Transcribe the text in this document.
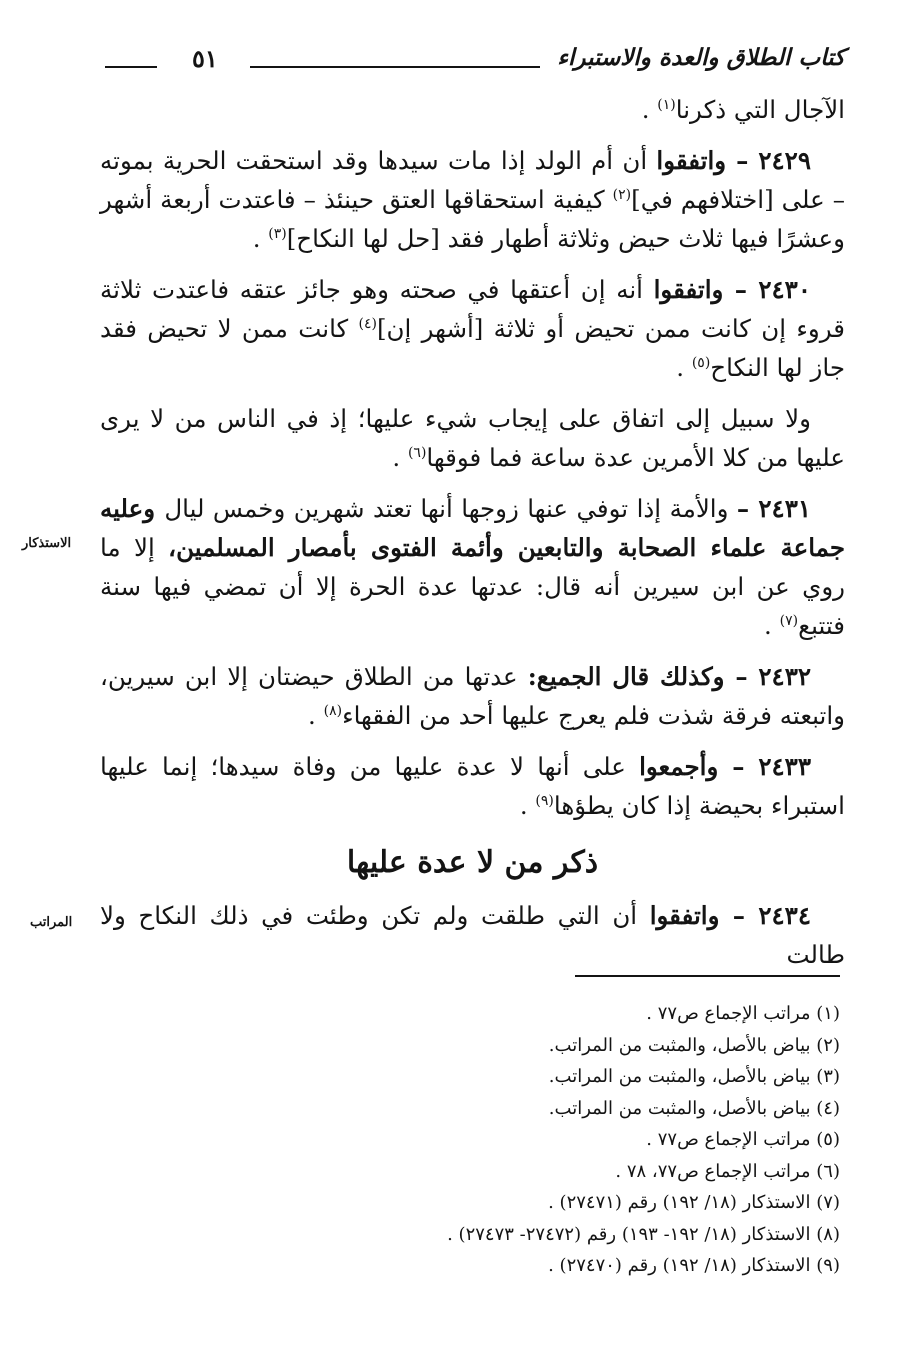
كتاب الطلاق والعدة والاستبراء
٥١

الآجال التي ذكرنا$^{(١)}$ .

٢٤٢٩ – واتفقوا أن أم الولد إذا مات سيدها وقد استحقت الحرية بموته – على [اختلافهم في]$^{(٢)}$ كيفية استحقاقها العتق حينئذ – فاعتدت أربعة أشهر وعشرًا فيها ثلاث حيض وثلاثة أطهار فقد [حل لها النكاح]$^{(٣)}$ .

٢٤٣٠ – واتفقوا أنه إن أعتقها في صحته وهو جائز عتقه فاعتدت ثلاثة قروء إن كانت ممن تحيض أو ثلاثة [أشهر إن]$^{(٤)}$ كانت ممن لا تحيض فقد جاز لها النكاح$^{(٥)}$ .

ولا سبيل إلى اتفاق على إيجاب شيء عليها؛ إذ في الناس من لا يرى عليها من كلا الأمرين عدة ساعة فما فوقها$^{(٦)}$ .

٢٤٣١ – والأمة إذا توفي عنها زوجها أنها تعتد شهرين وخمس ليال وعليه جماعة علماء الصحابة والتابعين وأئمة الفتوى بأمصار المسلمين، إلا ما روي عن ابن سيرين أنه قال: عدتها عدة الحرة إلا أن تمضي فيها سنة فتتبع$^{(٧)}$ .

٢٤٣٢ – وكذلك قال الجميع: عدتها من الطلاق حيضتان إلا ابن سيرين، واتبعته فرقة شذت فلم يعرج عليها أحد من الفقهاء$^{(٨)}$ .

٢٤٣٣ – وأجمعوا على أنها لا عدة عليها من وفاة سيدها؛ إنما عليها استبراء بحيضة إذا كان يطؤها$^{(٩)}$ .

ذكر من لا عدة عليها

٢٤٣٤ – واتفقوا أن التي طلقت ولم تكن وطئت في ذلك النكاح ولا طالت

الاستذكار
المراتب
(١) مراتب الإجماع ص٧٧ .
(٢) بياض بالأصل، والمثبت من المراتب.
(٣) بياض بالأصل، والمثبت من المراتب.
(٤) بياض بالأصل، والمثبت من المراتب.
(٥) مراتب الإجماع ص٧٧ .
(٦) مراتب الإجماع ص٧٧، ٧٨ .
(٧) الاستذكار (١٨/ ١٩٢) رقم (٢٧٤٧١) .
(٨) الاستذكار (١٨/ ١٩٢- ١٩٣) رقم (٢٧٤٧٢- ٢٧٤٧٣) .
(٩) الاستذكار (١٨/ ١٩٢) رقم (٢٧٤٧٠) .
